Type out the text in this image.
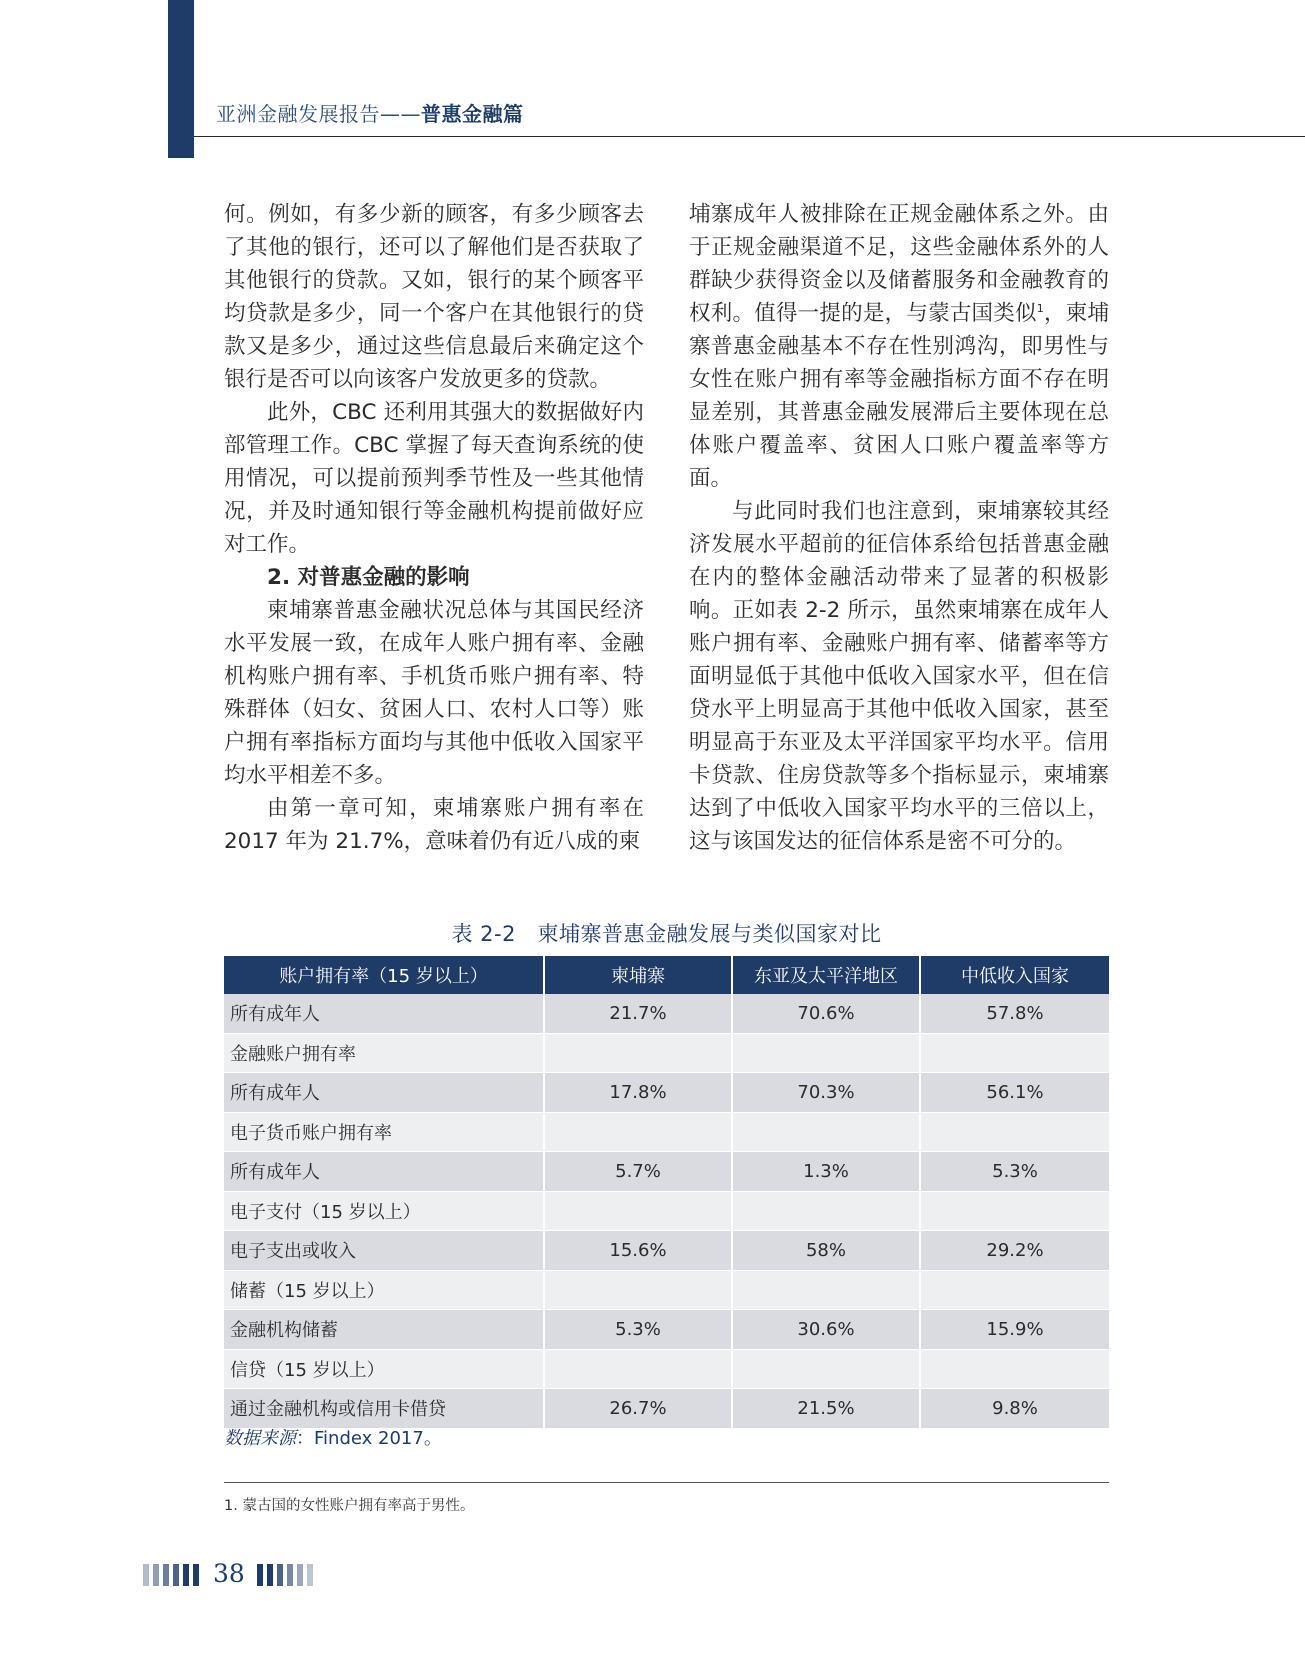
亚洲金融发展报告——普惠金融篇

何。例如，有多少新的顾客，有多少顾客去了其他的银行，还可以了解他们是否获取了其他银行的贷款。又如，银行的某个顾客平均贷款是多少，同一个客户在其他银行的贷款又是多少，通过这些信息最后来确定这个银行是否可以向该客户发放更多的贷款。

此外，CBC 还利用其强大的数据做好内部管理工作。CBC 掌握了每天查询系统的使用情况，可以提前预判季节性及一些其他情况，并及时通知银行等金融机构提前做好应对工作。

2. 对普惠金融的影响

柬埔寨普惠金融状况总体与其国民经济水平发展一致，在成年人账户拥有率、金融机构账户拥有率、手机货币账户拥有率、特殊群体（妇女、贫困人口、农村人口等）账户拥有率指标方面均与其他中低收入国家平均水平相差不多。

由第一章可知，柬埔寨账户拥有率在 2017 年为 21.7%，意味着仍有近八成的柬

埔寨成年人被排除在正规金融体系之外。由于正规金融渠道不足，这些金融体系外的人群缺少获得资金以及储蓄服务和金融教育的权利。值得一提的是，与蒙古国类似$^1$，柬埔寨普惠金融基本不存在性别鸿沟，即男性与女性在账户拥有率等金融指标方面不存在明显差别，其普惠金融发展滞后主要体现在总体账户覆盖率、贫困人口账户覆盖率等方面。

与此同时我们也注意到，柬埔寨较其经济发展水平超前的征信体系给包括普惠金融在内的整体金融活动带来了显著的积极影响。正如表 2-2 所示，虽然柬埔寨在成年人账户拥有率、金融账户拥有率、储蓄率等方面明显低于其他中低收入国家水平，但在信贷水平上明显高于其他中低收入国家，甚至明显高于东亚及太平洋国家平均水平。信用卡贷款、住房贷款等多个指标显示，柬埔寨达到了中低收入国家平均水平的三倍以上，这与该国发达的征信体系是密不可分的。

表 2-2　柬埔寨普惠金融发展与类似国家对比
账户拥有率（15 岁以上）	柬埔寨	东亚及太平洋地区	中低收入国家
所有成年人	21.7%	70.6%	57.8%
金融账户拥有率			
所有成年人	17.8%	70.3%	56.1%
电子货币账户拥有率			
所有成年人	5.7%	1.3%	5.3%
电子支付（15 岁以上）			
电子支出或收入	15.6%	58%	29.2%
储蓄（15 岁以上）			
金融机构储蓄	5.3%	30.6%	15.9%
信贷（15 岁以上）			
通过金融机构或信用卡借贷	26.7%	21.5%	9.8%
数据来源：Findex 2017。
1. 蒙古国的女性账户拥有率高于男性。
38
